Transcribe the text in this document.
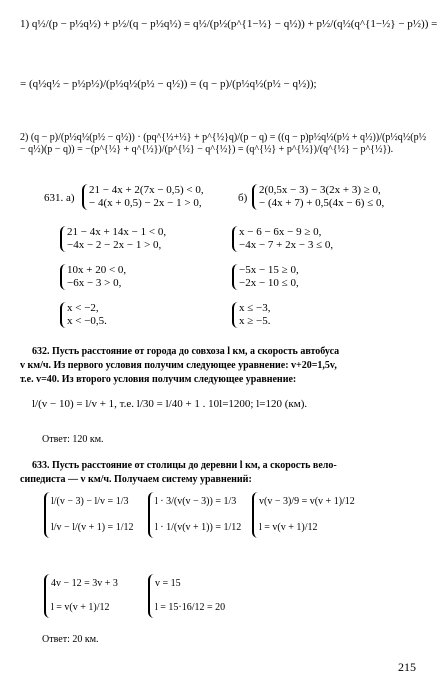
1) q½/(p − p½q½) + p½/(q − p½q½) = q½/(p½(p^{1−½} − q½)) + p½/(q½(q^{1−½} − p½)) =
= (q½q½ − p½p½)/(p½q½(p½ − q½)) = (q − p)/(p½q½(p½ − q½));
2) (q − p)/(p½q½(p½ − q½)) · (pq^{½+½} + p^{½}q)/(p − q) = ((q − p)p½q½(p½ + q½))/(p½q½(p½ − q½)(p − q)) = −(p^{½} + q^{½})/(p^{½} − q^{½}) = (q^{½} + p^{½})/(q^{½} − p^{½}).
631. а)
21 − 4x + 2(7x − 0,5) < 0,
− 4(x + 0,5) − 2x − 1 > 0,	б)
2(0,5x − 3) − 3(2x + 3) ≥ 0,
− (4x + 7) + 0,5(4x − 6) ≤ 0,
21 − 4x + 14x − 1 < 0,
−4x − 2 − 2x − 1 > 0,
x − 6 − 6x − 9 ≥ 0,
−4x − 7 + 2x − 3 ≤ 0,
10x + 20 < 0,
−6x − 3 > 0,
−5x − 15 ≥ 0,
−2x − 10 ≤ 0,
x < −2,
x < −0,5.
x ≤ −3,
x ≥ −5.
632. Пусть расстояние от города до совхоза l км, а скорость автобуса
v км/ч. Из первого условия получим следующее уравнение: v+20=1,5v,
т.е. v=40. Из второго условия получим следующее уравнение:
l/(v − 10) = l/v + 1, т.е. l/30 = l/40 + 1 . 10l=1200; l=120 (км).
Ответ: 120 км.
633. Пусть расстояние от столицы до деревни l км, а скорость вело-
сипедиста — v км/ч. Получаем систему уравнений:
l/(v − 3) − l/v = 1/3
l/v − l/(v + 1) = 1/12
l · 3/(v(v − 3)) = 1/3
l · 1/(v(v + 1)) = 1/12
v(v − 3)/9 = v(v + 1)/12
l = v(v + 1)/12
4v − 12 = 3v + 3
l = v(v + 1)/12
v = 15
l = 15·16/12 = 20
Ответ: 20 км.
215
